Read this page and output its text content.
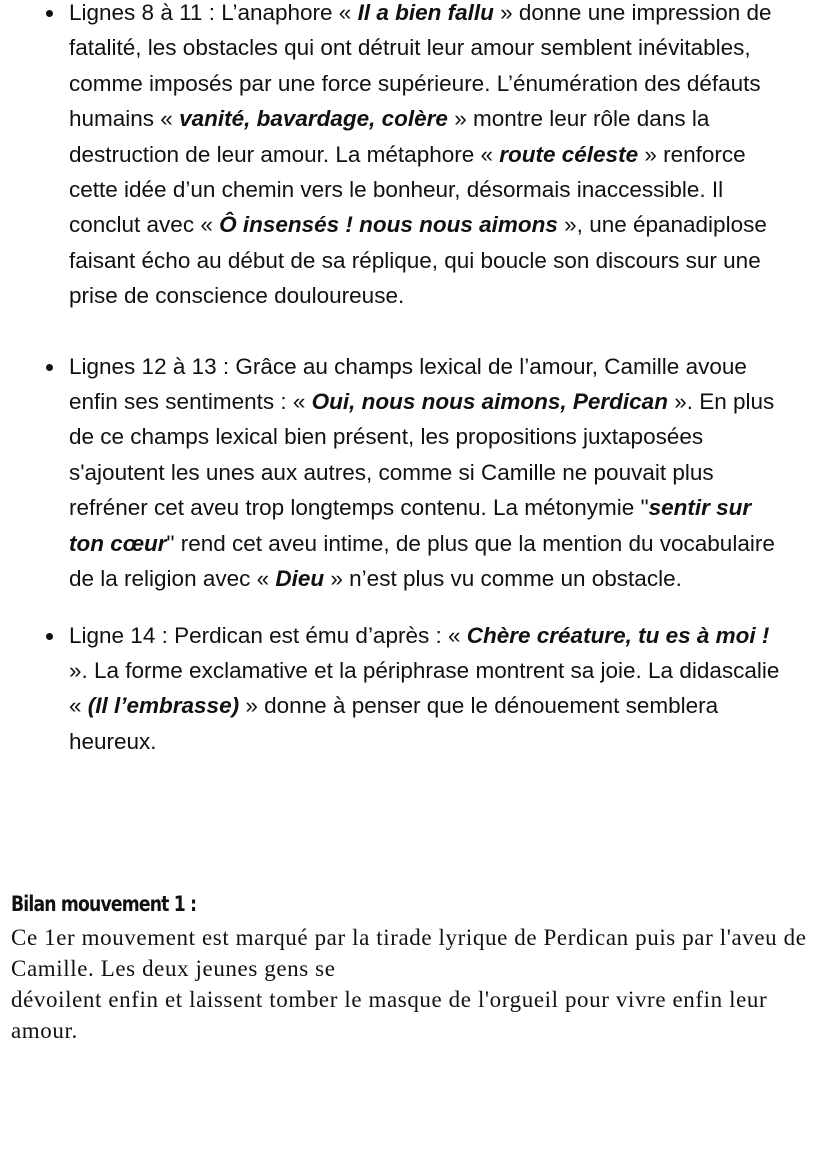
Lignes 8 à 11 : L’anaphore « Il a bien fallu » donne une impression de fatalité, les obstacles qui ont détruit leur amour semblent inévitables, comme imposés par une force supérieure. L’énumération des défauts humains « vanité, bavardage, colère » montre leur rôle dans la destruction de leur amour. La métaphore « route céleste » renforce cette idée d’un chemin vers le bonheur, désormais inaccessible. Il conclut avec « Ô insensés ! nous nous aimons », une épanadiplose faisant écho au début de sa réplique, qui boucle son discours sur une prise de conscience douloureuse.
Lignes 12 à 13 : Grâce au champs lexical de l’amour, Camille avoue enfin ses sentiments : « Oui, nous nous aimons, Perdican ». En plus de ce champs lexical bien présent, les propositions juxtaposées s'ajoutent les unes aux autres, comme si Camille ne pouvait plus refréner cet aveu trop longtemps contenu. La métonymie "sentir sur ton cœur" rend cet aveu intime, de plus que la mention du vocabulaire de la religion avec « Dieu » n’est plus vu comme un obstacle.
Ligne 14 : Perdican est ému d’après : « Chère créature, tu es à moi ! ». La forme exclamative et la périphrase montrent sa joie. La didascalie « (Il l’embrasse) » donne à penser que le dénouement semblera heureux.
Bilan mouvement 1 :

Ce 1er mouvement est marqué par la tirade lyrique de Perdican puis par l'aveu de Camille. Les deux jeunes gens se
dévoilent enfin et laissent tomber le masque de l'orgueil pour vivre enfin leur amour.
